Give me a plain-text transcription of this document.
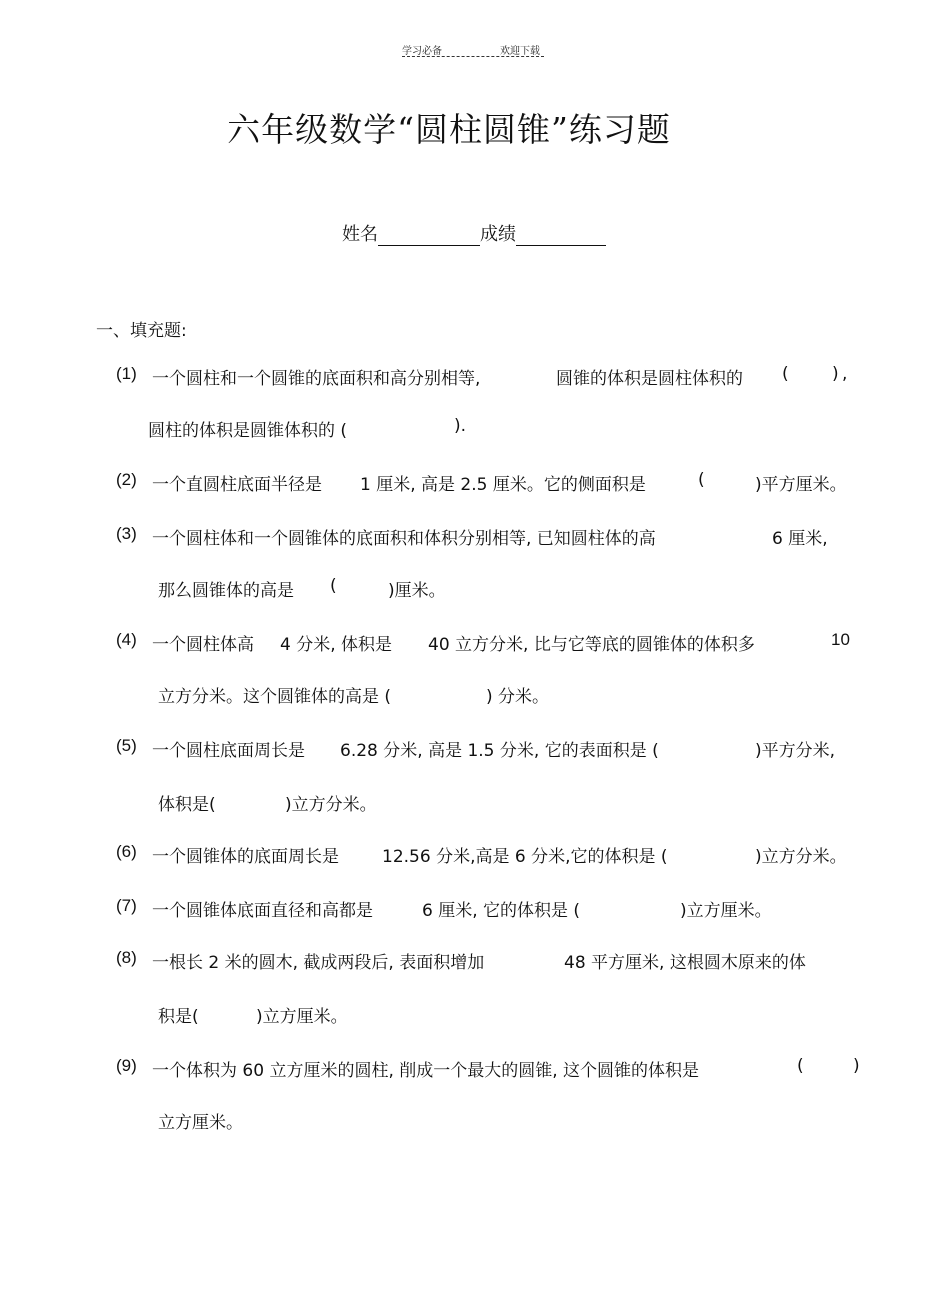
学习必备	欢迎下载
六年级数学“圆柱圆锥”练习题
姓名	成绩
一、填充题:
(1) 一个圆柱和一个圆锥的底面积和高分别相等,	圆锥的体积是圆柱体积的 (	) ,
圆柱的体积是圆锥体积的 (	).
(2) 一个直圆柱底面半径是 1 厘米, 高是 2.5 厘米。它的侧面积是	(	)平方厘米。
(3) 一个圆柱体和一个圆锥体的底面积和体积分别相等, 已知圆柱体的高	6 厘米,
那么圆锥体的高是 (	)厘米。
(4) 一个圆柱体高 4 分米, 体积是 40 立方分米, 比与它等底的圆锥体的体积多	10
立方分米。这个圆锥体的高是 (	) 分米。
(5) 一个圆柱底面周长是 6.28 分米, 高是 1.5 分米, 它的表面积是 (	)平方分米,
体积是(	)立方分米。
(6) 一个圆锥体的底面周长是	12.56 分米,高是 6 分米,它的体积是 (	)立方分米。
(7) 一个圆锥体底面直径和高都是	6 厘米, 它的体积是 (	)立方厘米。
(8) 一根长 2 米的圆木, 截成两段后, 表面积增加	48 平方厘米, 这根圆木原来的体
积是(	)立方厘米。
(9) 一个体积为 60 立方厘米的圆柱, 削成一个最大的圆锥, 这个圆锥的体积是	(	)
立方厘米。
